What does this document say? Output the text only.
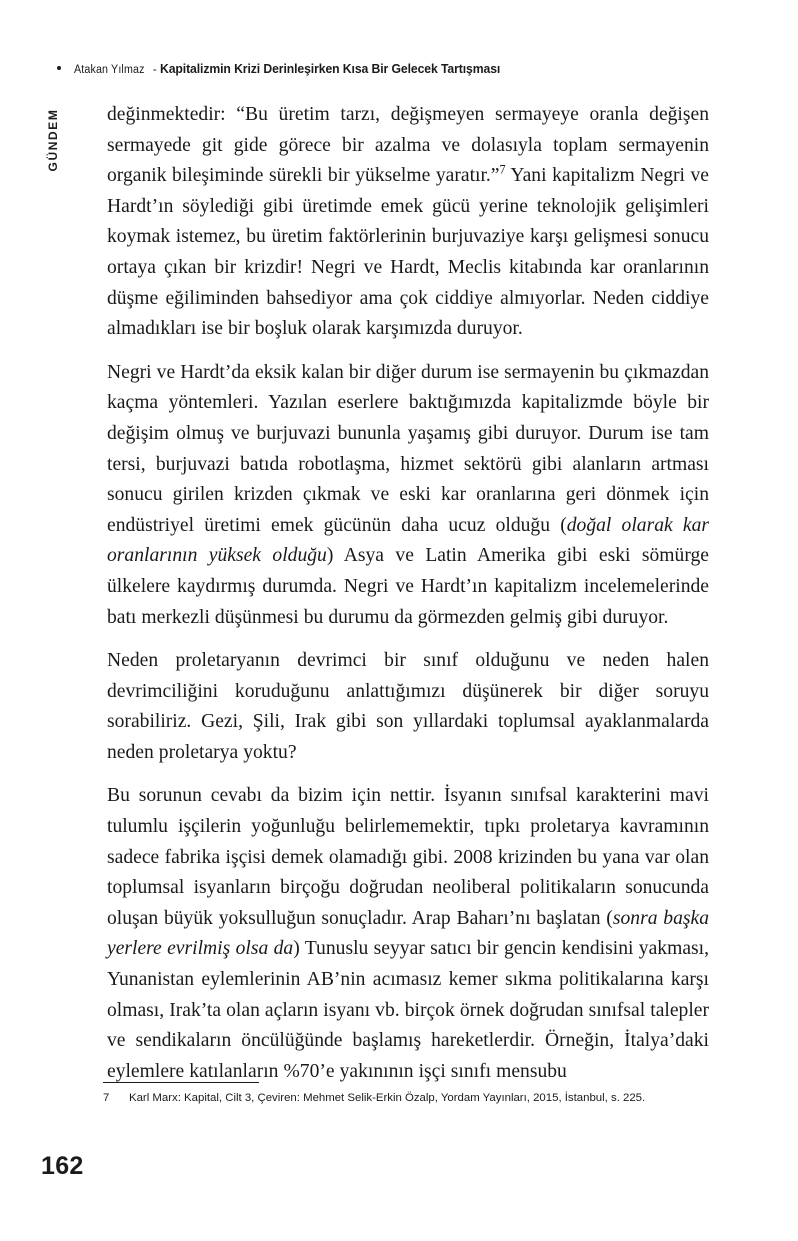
Atakan Yılmaz - Kapitalizmin Krizi Derinleşirken Kısa Bir Gelecek Tartışması
GÜNDEM değinmektedir: “Bu üretim tarzı, değişmeyen sermayeye oranla değişen sermayede git gide görece bir azalma ve dolasıyla toplam sermayenin organik bileşiminde sürekli bir yükselme yaratır.”$^7$ Yani kapitalizm Negri ve Hardt’ın söylediği gibi üretimde emek gücü yerine teknolojik gelişimleri koymak istemez, bu üretim faktörlerinin burjuvaziye karşı gelişmesi sonucu ortaya çıkan bir krizdir! Negri ve Hardt, Meclis kitabında kar oranlarının düşme eğiliminden bahsediyor ama çok ciddiye almıyorlar. Neden ciddiye almadıkları ise bir boşluk olarak karşımızda duruyor.

Negri ve Hardt’da eksik kalan bir diğer durum ise sermayenin bu çıkmazdan kaçma yöntemleri. Yazılan eserlere baktığımızda kapitalizmde böyle bir değişim olmuş ve burjuvazi bununla yaşamış gibi duruyor. Durum ise tam tersi, burjuvazi batıda robotlaşma, hizmet sektörü gibi alanların artması sonucu girilen krizden çıkmak ve eski kar oranlarına geri dönmek için endüstriyel üretimi emek gücünün daha ucuz olduğu (doğal olarak kar oranlarının yüksek olduğu) Asya ve Latin Amerika gibi eski sömürge ülkelere kaydırmış durumda. Negri ve Hardt’ın kapitalizm incelemelerinde batı merkezli düşünmesi bu durumu da görmezden gelmiş gibi duruyor.

Neden proletaryanın devrimci bir sınıf olduğunu ve neden halen devrimciliğini koruduğunu anlattığımızı düşünerek bir diğer soruyu sorabiliriz. Gezi, Şili, Irak gibi son yıllardaki toplumsal ayaklanmalarda neden proletarya yoktu?

Bu sorunun cevabı da bizim için nettir. İsyanın sınıfsal karakterini mavi tulumlu işçilerin yoğunluğu belirlememektir, tıpkı proletarya kavramının sadece fabrika işçisi demek olamadığı gibi. 2008 krizinden bu yana var olan toplumsal isyanların birçoğu doğrudan neoliberal politikaların sonucunda oluşan büyük yoksulluğun sonuçladır. Arap Baharı’nı başlatan (sonra başka yerlere evrilmiş olsa da) Tunuslu seyyar satıcı bir gencin kendisini yakması, Yunanistan eylemlerinin AB’nin acımasız kemer sıkma politikalarına karşı olması, Irak’ta olan açların isyanı vb. birçok örnek doğrudan sınıfsal talepler ve sendikaların öncülüğünde başlamış hareketlerdir. Örneğin, İtalya’daki eylemlere katılanların %70’e yakınının işçi sınıfı mensubu

7 Karl Marx: Kapital, Cilt 3, Çeviren: Mehmet Selik-Erkin Özalp, Yordam Yayınları, 2015, İstanbul, s. 225.
162
